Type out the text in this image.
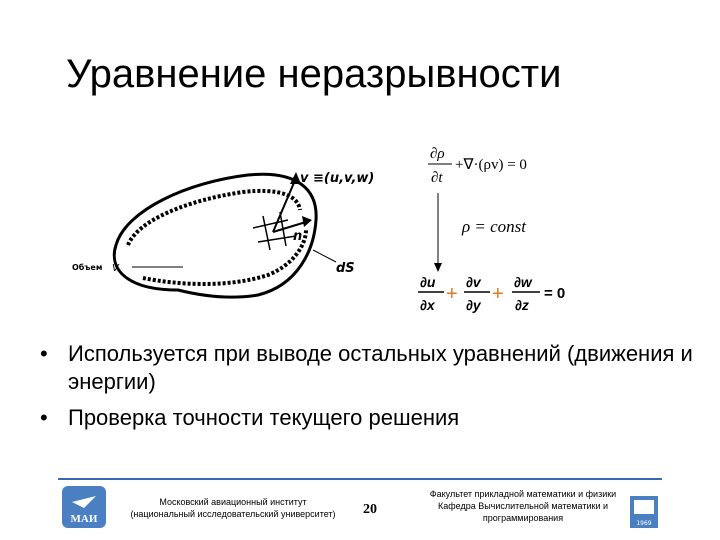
Уравнение неразрывности
v ≡(u,v,w)
n
dS
Объем V
∂ρ
∂t
+∇·(ρv) = 0
ρ = const
∂u
∂x +
∂v
∂y +
∂w
∂z
= 0
• Используется при выводе остальных уравнений (движения и энергии)
• Проверка точности текущего решения
МАИ
Московский авиационный институт
(национальный исследовательский университет)	20
Факультет прикладной математики и физики
Кафедра Вычислительной математики и
программирования
1969
